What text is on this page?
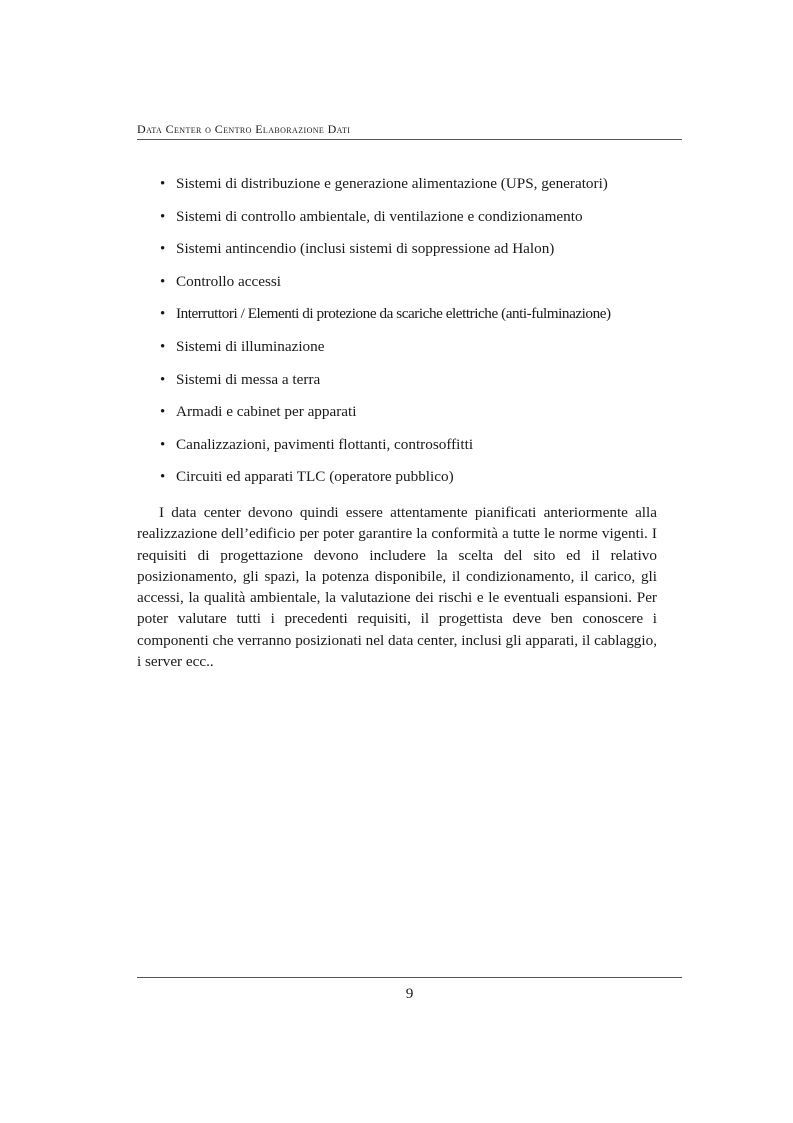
Data Center o Centro Elaborazione Dati
• Sistemi di distribuzione e generazione alimentazione (UPS, generatori)
• Sistemi di controllo ambientale, di ventilazione e condizionamento
• Sistemi antincendio (inclusi sistemi di soppressione ad Halon)
• Controllo accessi
• Interruttori / Elementi di protezione da scariche elettriche (anti-fulminazione)
• Sistemi di illuminazione
• Sistemi di messa a terra
• Armadi e cabinet per apparati
• Canalizzazioni, pavimenti flottanti, controsoffitti
• Circuiti ed apparati TLC (operatore pubblico)

I data center devono quindi essere attentamente pianificati anteriormente alla realizzazione dell’edificio per poter garantire la conformità a tutte le norme vigenti. I requisiti di progettazione devono includere la scelta del sito ed il relativo posizionamento, gli spazi, la potenza disponibile, il condizionamento, il carico, gli accessi, la qualità ambientale, la valutazione dei rischi e le eventuali espansioni. Per poter valutare tutti i precedenti requisiti, il progettista deve ben conoscere i componenti che verranno posizionati nel data center, inclusi gli apparati, il cablaggio, i server ecc..

9
